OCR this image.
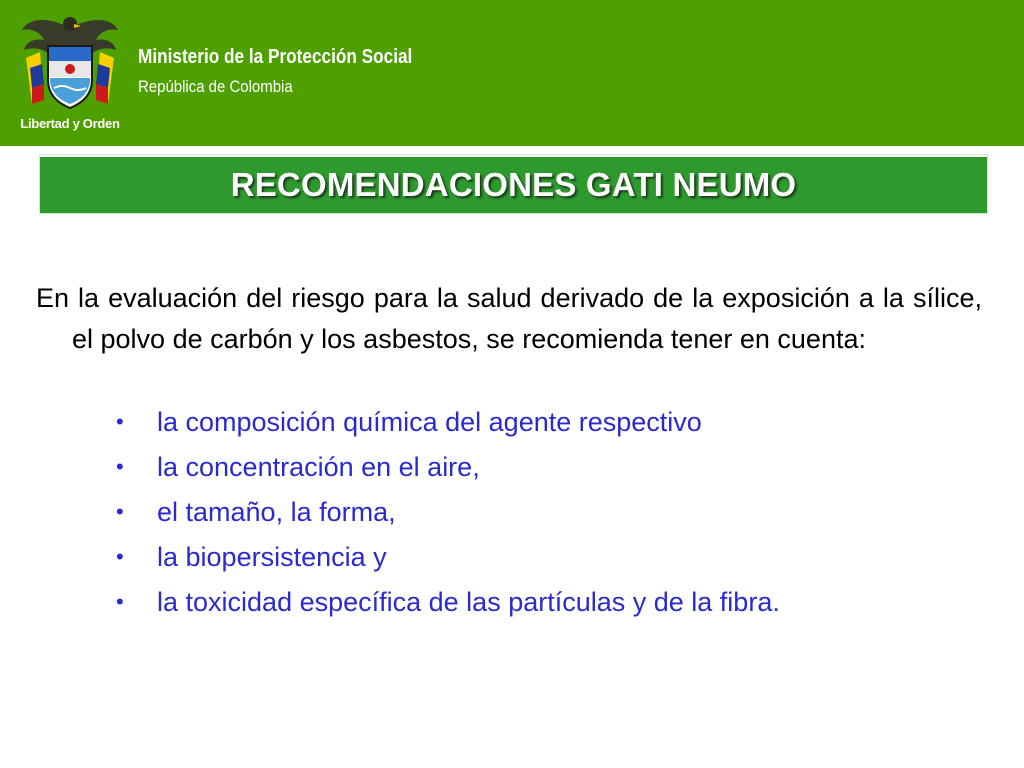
Libertad y Orden
Ministerio de la Protección Social
República de Colombia
RECOMENDACIONES GATI NEUMO
En la evaluación del riesgo para la salud derivado de la exposición a la sílice, el polvo de carbón y los asbestos, se recomienda tener en cuenta:
• la composición química del agente respectivo
• la concentración en el aire,
• el tamaño, la forma,
• la biopersistencia y
• la toxicidad específica de las partículas y de la fibra.
